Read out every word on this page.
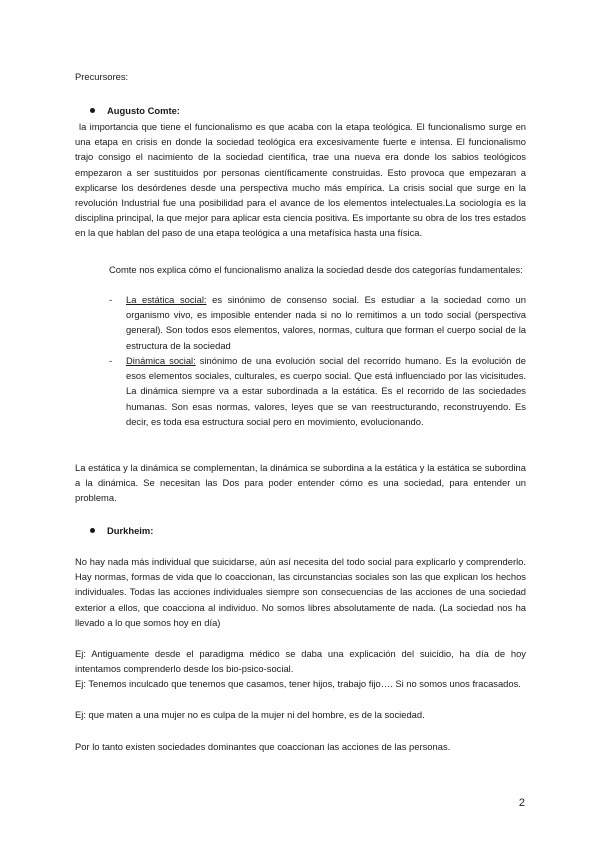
Precursores:
Augusto Comte:

la importancia que tiene el funcionalismo es que acaba con la etapa teológica. El funcionalismo surge en una etapa en crisis en donde la sociedad teológica era excesivamente fuerte e intensa. El funcionalismo trajo consigo el nacimiento de la sociedad científica, trae una nueva era donde los sabios teológicos empezaron a ser sustituidos por personas científicamente construidas. Esto provoca que empezaran a explicarse los desórdenes desde una perspectiva mucho más empírica. La crisis social que surge en la revolución Industrial fue una posibilidad para el avance de los elementos intelectuales.La sociología es la disciplina principal, la que mejor para aplicar esta ciencia positiva. Es importante su obra de los tres estados en la que hablan del paso de una etapa teológica a una metafísica hasta una física.

Comte nos explica cómo el funcionalismo analiza la sociedad desde dos categorías fundamentales:

- La estática social: es sinónimo de consenso social. Es estudiar a la sociedad como un organismo vivo, es imposible entender nada si no lo remitimos a un todo social (perspectiva general). Son todos esos elementos, valores, normas, cultura que forman el cuerpo social de la estructura de la sociedad
- Dinámica social: sinónimo de una evolución social del recorrido humano. Es la evolución de esos elementos sociales, culturales, es cuerpo social. Que está influenciado por las vicisitudes. La dinámica siempre va a estar subordinada a la estática. Es el recorrido de las sociedades humanas. Son esas normas, valores, leyes que se van reestructurando, reconstruyendo. Es decir, es toda esa estructura social pero en movimiento, evolucionando.

La estática y la dinámica se complementan, la dinámica se subordina a la estática y la estática se subordina a la dinámica. Se necesitan las Dos para poder entender cómo es una sociedad, para entender un problema.

Durkheim:

No hay nada más individual que suicidarse, aún así necesita del todo social para explicarlo y comprenderlo. Hay normas, formas de vida que lo coaccionan, las circunstancias sociales son las que explican los hechos individuales. Todas las acciones individuales siempre son consecuencias de las acciones de una sociedad exterior a ellos, que coacciona al individuo. No somos libres absolutamente de nada. (La sociedad nos ha llevado a lo que somos hoy en día)

Ej: Antiguamente desde el paradigma médico se daba una explicación del suicidio, ha día de hoy intentamos comprenderlo desde los bio-psico-social.

Ej: Tenemos inculcado que tenemos que casamos, tener hijos, trabajo fijo…. Si no somos unos fracasados.

Ej: que maten a una mujer no es culpa de la mujer ni del hombre, es de la sociedad.

Por lo tanto existen sociedades dominantes que coaccionan las acciones de las personas.

2
